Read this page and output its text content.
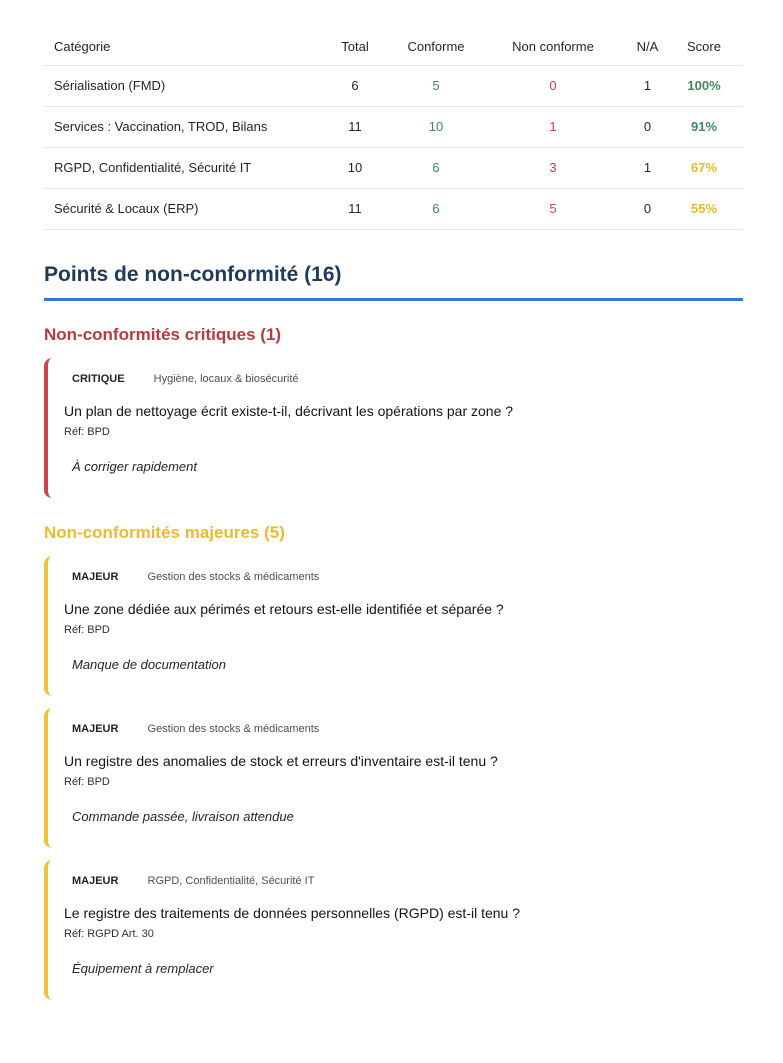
Catégorie	Total	Conforme	Non conforme	N/A	Score
Sérialisation (FMD)	6	5	0	1	100%
Services : Vaccination, TROD, Bilans	11	10	1	0	91%
RGPD, Confidentialité, Sécurité IT	10	6	3	1	67%
Sécurité & Locaux (ERP)	11	6	5	0	55%
Points de non-conformité (16)
Non-conformités critiques (1)
CRITIQUE	Hygiène, locaux & biosécurité
Un plan de nettoyage écrit existe-t-il, décrivant les opérations par zone ?
Réf: BPD
À corriger rapidement
Non-conformités majeures (5)
MAJEUR	Gestion des stocks & médicaments
Une zone dédiée aux périmés et retours est-elle identifiée et séparée ?
Réf: BPD
Manque de documentation
MAJEUR	Gestion des stocks & médicaments
Un registre des anomalies de stock et erreurs d'inventaire est-il tenu ?
Réf: BPD
Commande passée, livraison attendue
MAJEUR	RGPD, Confidentialité, Sécurité IT
Le registre des traitements de données personnelles (RGPD) est-il tenu ?
Réf: RGPD Art. 30
Équipement à remplacer
